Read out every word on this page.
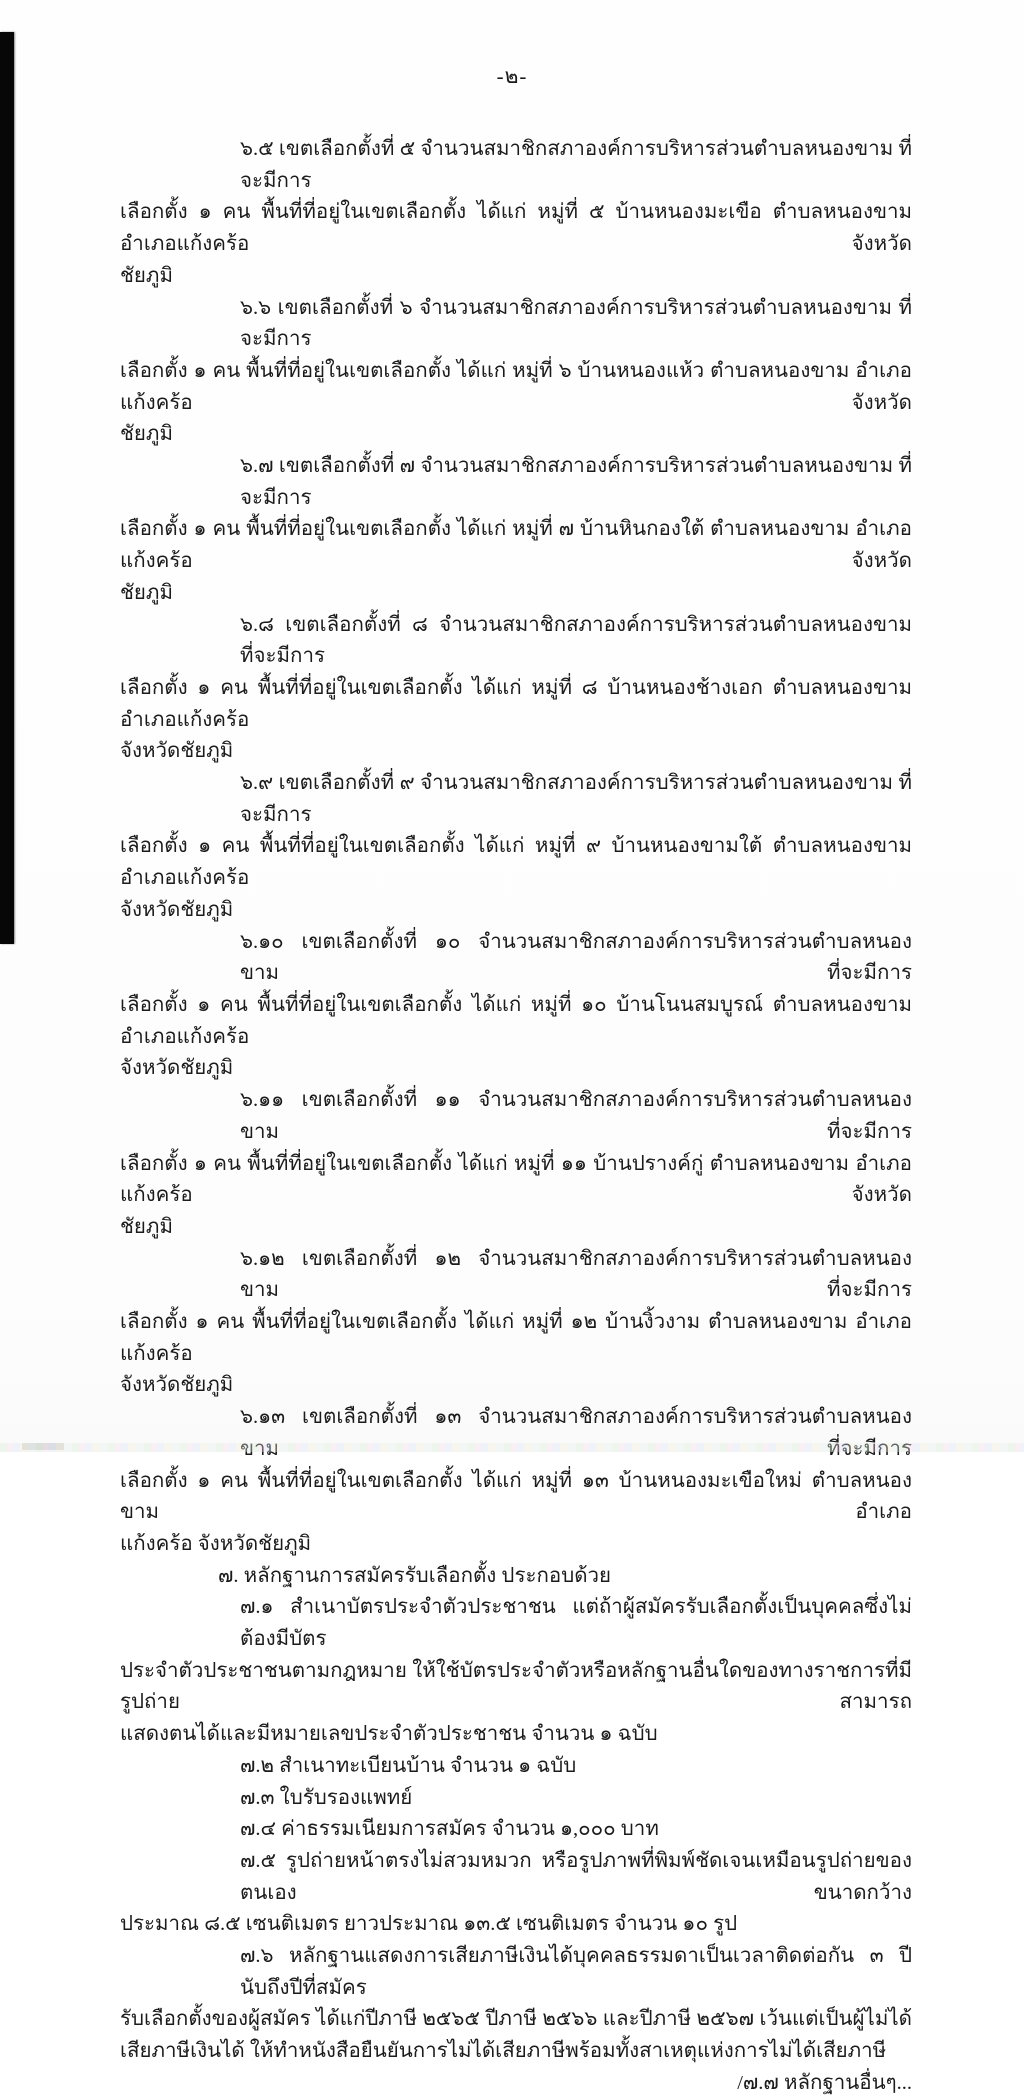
-๒-
๖.๕ เขตเลือกตั้งที่ ๕ จำนวนสมาชิกสภาองค์การบริหารส่วนตำบลหนองขาม ที่จะมีการ
เลือกตั้ง ๑ คน พื้นที่ที่อยู่ในเขตเลือกตั้ง ได้แก่ หมู่ที่ ๕ บ้านหนองมะเขือ ตำบลหนองขาม อำเภอแก้งคร้อ จังหวัด
ชัยภูมิ
๖.๖ เขตเลือกตั้งที่ ๖ จำนวนสมาชิกสภาองค์การบริหารส่วนตำบลหนองขาม ที่จะมีการ
เลือกตั้ง ๑ คน พื้นที่ที่อยู่ในเขตเลือกตั้ง ได้แก่ หมู่ที่ ๖ บ้านหนองแห้ว ตำบลหนองขาม อำเภอแก้งคร้อ จังหวัด
ชัยภูมิ
๖.๗ เขตเลือกตั้งที่ ๗ จำนวนสมาชิกสภาองค์การบริหารส่วนตำบลหนองขาม ที่จะมีการ
เลือกตั้ง ๑ คน พื้นที่ที่อยู่ในเขตเลือกตั้ง ได้แก่ หมู่ที่ ๗ บ้านหินกองใต้ ตำบลหนองขาม อำเภอแก้งคร้อ จังหวัด
ชัยภูมิ
๖.๘ เขตเลือกตั้งที่ ๘ จำนวนสมาชิกสภาองค์การบริหารส่วนตำบลหนองขาม ที่จะมีการ
เลือกตั้ง ๑ คน พื้นที่ที่อยู่ในเขตเลือกตั้ง ได้แก่ หมู่ที่ ๘ บ้านหนองช้างเอก ตำบลหนองขาม อำเภอแก้งคร้อ
จังหวัดชัยภูมิ
๖.๙ เขตเลือกตั้งที่ ๙ จำนวนสมาชิกสภาองค์การบริหารส่วนตำบลหนองขาม ที่จะมีการ
เลือกตั้ง ๑ คน พื้นที่ที่อยู่ในเขตเลือกตั้ง ได้แก่ หมู่ที่ ๙ บ้านหนองขามใต้ ตำบลหนองขาม อำเภอแก้งคร้อ
จังหวัดชัยภูมิ
๖.๑๐ เขตเลือกตั้งที่ ๑๐ จำนวนสมาชิกสภาองค์การบริหารส่วนตำบลหนองขาม ที่จะมีการ
เลือกตั้ง ๑ คน พื้นที่ที่อยู่ในเขตเลือกตั้ง ได้แก่ หมู่ที่ ๑๐ บ้านโนนสมบูรณ์ ตำบลหนองขาม อำเภอแก้งคร้อ
จังหวัดชัยภูมิ
๖.๑๑ เขตเลือกตั้งที่ ๑๑ จำนวนสมาชิกสภาองค์การบริหารส่วนตำบลหนองขาม ที่จะมีการ
เลือกตั้ง ๑ คน พื้นที่ที่อยู่ในเขตเลือกตั้ง ได้แก่ หมู่ที่ ๑๑ บ้านปรางค์กู่ ตำบลหนองขาม อำเภอแก้งคร้อ จังหวัด
ชัยภูมิ
๖.๑๒ เขตเลือกตั้งที่ ๑๒ จำนวนสมาชิกสภาองค์การบริหารส่วนตำบลหนองขาม ที่จะมีการ
เลือกตั้ง ๑ คน พื้นที่ที่อยู่ในเขตเลือกตั้ง ได้แก่ หมู่ที่ ๑๒ บ้านงิ้วงาม ตำบลหนองขาม อำเภอแก้งคร้อ
จังหวัดชัยภูมิ
๖.๑๓ เขตเลือกตั้งที่ ๑๓ จำนวนสมาชิกสภาองค์การบริหารส่วนตำบลหนองขาม ที่จะมีการ
เลือกตั้ง ๑ คน พื้นที่ที่อยู่ในเขตเลือกตั้ง ได้แก่ หมู่ที่ ๑๓ บ้านหนองมะเขือใหม่ ตำบลหนองขาม อำเภอ
แก้งคร้อ จังหวัดชัยภูมิ
๗. หลักฐานการสมัครรับเลือกตั้ง ประกอบด้วย
๗.๑ สำเนาบัตรประจำตัวประชาชน แต่ถ้าผู้สมัครรับเลือกตั้งเป็นบุคคลซึ่งไม่ต้องมีบัตร
ประจำตัวประชาชนตามกฎหมาย ให้ใช้บัตรประจำตัวหรือหลักฐานอื่นใดของทางราชการที่มีรูปถ่าย สามารถ
แสดงตนได้และมีหมายเลขประจำตัวประชาชน จำนวน ๑ ฉบับ
๗.๒ สำเนาทะเบียนบ้าน จำนวน ๑ ฉบับ
๗.๓ ใบรับรองแพทย์
๗.๔ ค่าธรรมเนียมการสมัคร จำนวน ๑,๐๐๐ บาท
๗.๕ รูปถ่ายหน้าตรงไม่สวมหมวก หรือรูปภาพที่พิมพ์ชัดเจนเหมือนรูปถ่ายของตนเอง ขนาดกว้าง
ประมาณ ๘.๕ เซนติเมตร ยาวประมาณ ๑๓.๕ เซนติเมตร จำนวน ๑๐ รูป
๗.๖ หลักฐานแสดงการเสียภาษีเงินได้บุคคลธรรมดาเป็นเวลาติดต่อกัน ๓ ปี นับถึงปีที่สมัคร
รับเลือกตั้งของผู้สมัคร ได้แก่ปีภาษี ๒๕๖๕ ปีภาษี ๒๕๖๖ และปีภาษี ๒๕๖๗ เว้นแต่เป็นผู้ไม่ได้
เสียภาษีเงินได้ ให้ทำหนังสือยืนยันการไม่ได้เสียภาษีพร้อมทั้งสาเหตุแห่งการไม่ได้เสียภาษี
/๗.๗ หลักฐานอื่นๆ...
